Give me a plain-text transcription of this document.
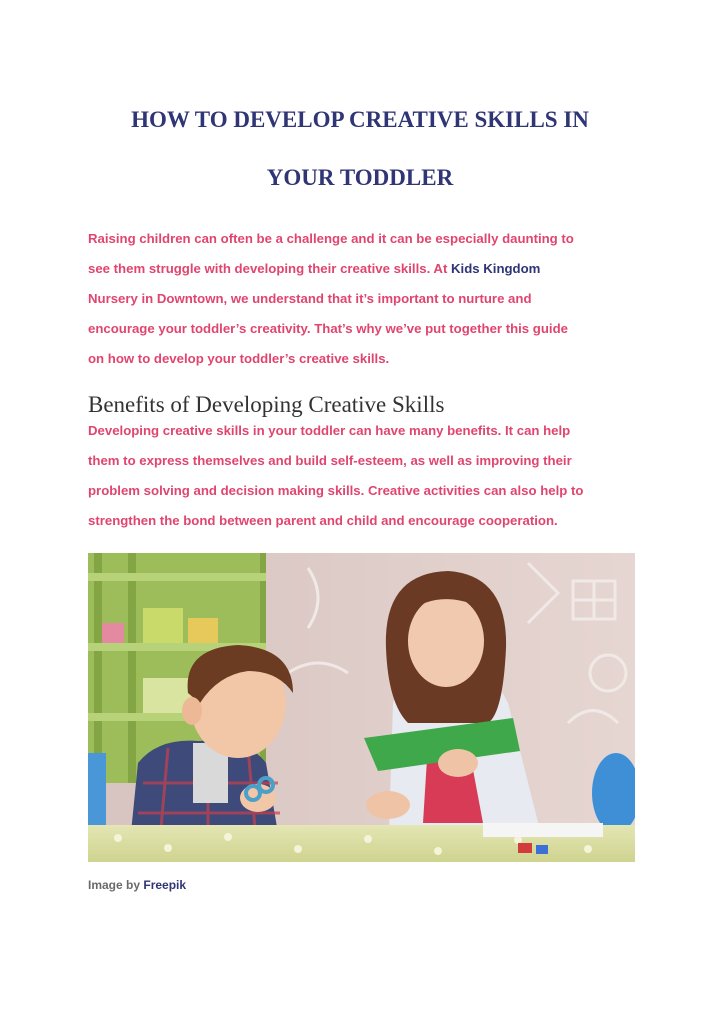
HOW TO DEVELOP CREATIVE SKILLS IN
YOUR TODDLER

Raising children can often be a challenge and it can be especially daunting to
see them struggle with developing their creative skills. At Kids Kingdom
Nursery in Downtown, we understand that it’s important to nurture and
encourage your toddler’s creativity. That’s why we’ve put together this guide
on how to develop your toddler’s creative skills.

Benefits of Developing Creative Skills

Developing creative skills in your toddler can have many benefits. It can help
them to express themselves and build self-esteem, as well as improving their
problem solving and decision making skills. Creative activities can also help to
strengthen the bond between parent and child and encourage cooperation.

Image by Freepik
